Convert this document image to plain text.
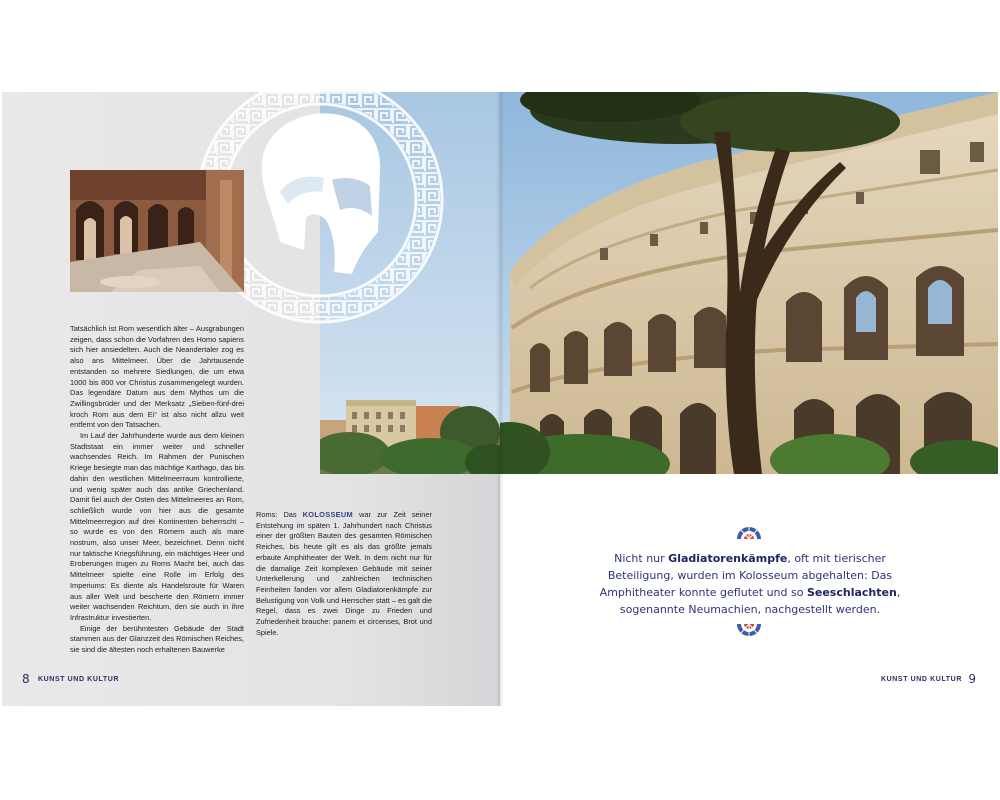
Tatsächlich ist Rom wesentlich älter – Ausgrabungen zeigen, dass schon die Vorfahren des Homo sapiens sich hier ansiedelten. Auch die Neandertaler zog es also ans Mittelmeer. Über die Jahrtausende entstanden so mehrere Siedlungen, die um etwa 1000 bis 800 vor Christus zusammengelegt wurden. Das legendäre Datum aus dem Mythos um die Zwillingsbrüder und der Merksatz „Sieben-fünf-drei kroch Rom aus dem Ei“ ist also nicht allzu weit entfernt von den Tatsachen.

Im Lauf der Jahrhunderte wurde aus dem kleinen Stadtstaat ein immer weiter und schneller wachsendes Reich. Im Rahmen der Punischen Kriege besiegte man das mächtige Karthago, das bis dahin den westlichen Mittelmeerraum kontrollierte, und wenig später auch das antike Griechenland. Damit fiel auch der Osten des Mittelmeeres an Rom, schließlich wurde von hier aus die gesamte Mittelmeerregion auf drei Kontinenten beherrscht – so wurde es von den Römern auch als mare nostrum, also unser Meer, bezeichnet. Denn nicht nur taktische Kriegsführung, ein mächtiges Heer und Eroberungen trugen zu Roms Macht bei, auch das Mittelmeer spielte eine Rolle im Erfolg des Imperiums: Es diente als Handelsroute für Waren aus aller Welt und bescherte den Römern immer weiter wachsenden Reichtum, den sie auch in ihre Infrastruktur investierten.

Einige der berühmtesten Gebäude der Stadt stammen aus der Glanzzeit des Römischen Reiches, sie sind die ältesten noch erhaltenen Bauwerke

Roms: Das KOLOSSEUM war zur Zeit seiner Entstehung im späten 1. Jahrhundert nach Christus einer der größten Bauten des gesamten Römischen Reiches, bis heute gilt es als das größte jemals erbaute Amphitheater der Welt. In dem nicht nur für die damalige Zeit komplexen Gebäude mit seiner Unterkellerung und zahlreichen technischen Feinheiten fanden vor allem Gladiatorenkämpfe zur Belustigung von Volk und Herrscher statt – es galt die Regel, dass es zwei Dinge zu Frieden und Zufriedenheit brauche: panem et circenses, Brot und Spiele.

8 KUNST UND KULTUR
Nicht nur Gladiatorenkämpfe, oft mit tierischer Beteiligung, wurden im Kolosseum abgehalten: Das Amphitheater konnte geflutet und so Seeschlachten, sogenannte Neumachien, nachgestellt werden.
KUNST UND KULTUR 9
